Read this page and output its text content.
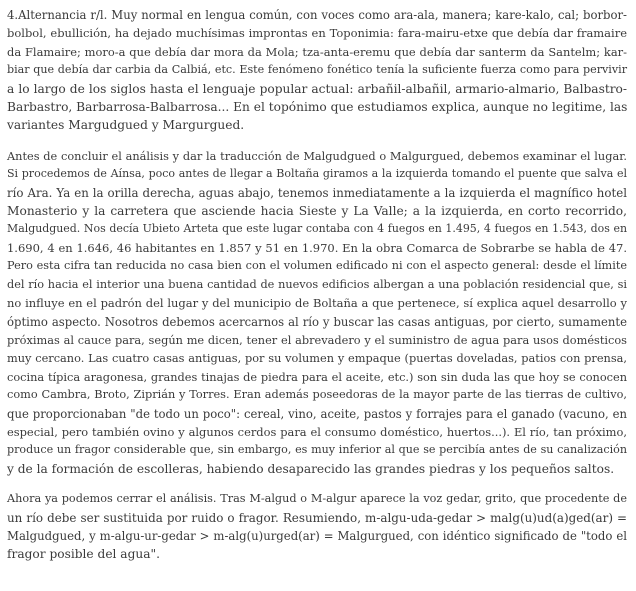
4.Alternancia r/l. Muy normal en lengua común, con voces como ara-ala, manera; kare-kalo, cal; borbor-
bolbol, ebullición, ha dejado muchísimas improntas en Toponimia: fara-mairu-etxe que debía dar framaire
da Flamaire; moro-a que debía dar mora da Mola; tza-anta-eremu que debía dar santerm da Santelm; kar-
biar que debía dar carbia da Calbiá, etc. Este fenómeno fonético tenía la suficiente fuerza como para pervivir
a lo largo de los siglos hasta el lenguaje popular actual: arbañil-albañil, armario-almario, Balbastro-
Barbastro, Barbarrosa-Balbarrosa... En el topónimo que estudiamos explica, aunque no legitime, las
variantes Margudgued y Margurgued.
Antes de concluir el análisis y dar la traducción de Malgudgued o Malgurgued, debemos examinar el lugar.
Si procedemos de Aínsa, poco antes de llegar a Boltaña giramos a la izquierda tomando el puente que salva el
río Ara. Ya en la orilla derecha, aguas abajo, tenemos inmediatamente a la izquierda el magnífico hotel
Monasterio y la carretera que asciende hacia Sieste y La Valle; a la izquierda, en corto recorrido,
Malgudgued. Nos decía Ubieto Arteta que este lugar contaba con 4 fuegos en 1.495, 4 fuegos en 1.543, dos en
1.690, 4 en 1.646, 46 habitantes en 1.857 y 51 en 1.970. En la obra Comarca de Sobrarbe se habla de 47.
Pero esta cifra tan reducida no casa bien con el volumen edificado ni con el aspecto general: desde el límite
del río hacia el interior una buena cantidad de nuevos edificios albergan a una población residencial que, si
no influye en el padrón del lugar y del municipio de Boltaña a que pertenece, sí explica aquel desarrollo y
óptimo aspecto. Nosotros debemos acercarnos al río y buscar las casas antiguas, por cierto, sumamente
próximas al cauce para, según me dicen, tener el abrevadero y el suministro de agua para usos domésticos
muy cercano. Las cuatro casas antiguas, por su volumen y empaque (puertas doveladas, patios con prensa,
cocina típica aragonesa, grandes tinajas de piedra para el aceite, etc.) son sin duda las que hoy se conocen
como Cambra, Broto, Ziprián y Torres. Eran además poseedoras de la mayor parte de las tierras de cultivo,
que proporcionaban "de todo un poco": cereal, vino, aceite, pastos y forrajes para el ganado (vacuno, en
especial, pero también ovino y algunos cerdos para el consumo doméstico, huertos...). El río, tan próximo,
produce un fragor considerable que, sin embargo, es muy inferior al que se percibía antes de su canalización
y de la formación de escolleras, habiendo desaparecido las grandes piedras y los pequeños saltos.
Ahora ya podemos cerrar el análisis. Tras M-algud o M-algur aparece la voz gedar, grito, que procedente de
un río debe ser sustituida por ruido o fragor. Resumiendo, m-algu-uda-gedar > malg(u)ud(a)ged(ar) =
Malgudgued, y m-algu-ur-gedar > m-alg(u)urged(ar) = Malgurgued, con idéntico significado de "todo el
fragor posible del agua".
